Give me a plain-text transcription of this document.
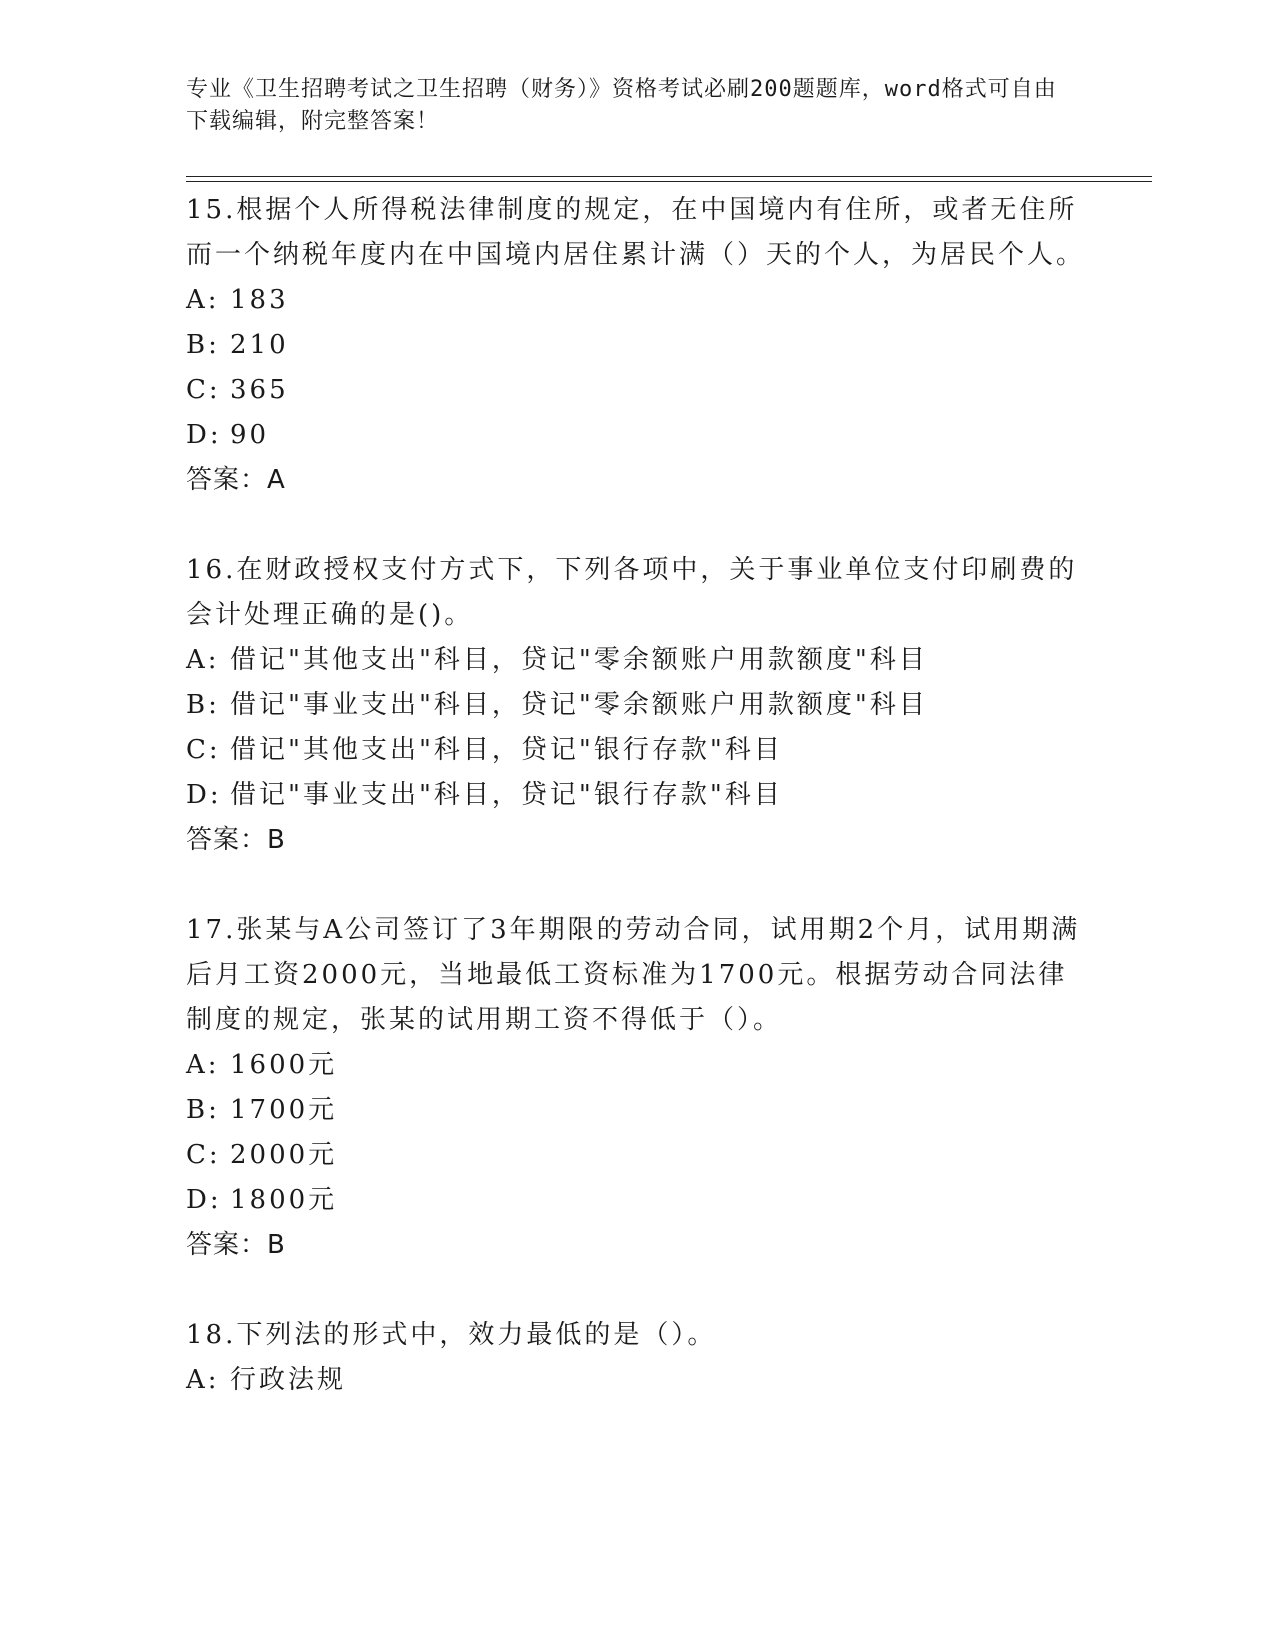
专业《卫生招聘考试之卫生招聘（财务）》资格考试必刷200题题库，word格式可自由下载编辑，附完整答案！
15.根据个人所得税法律制度的规定，在中国境内有住所，或者无住所而一个纳税年度内在中国境内居住累计满（）天的个人，为居民个人。
A: 183
B: 210
C: 365
D: 90
答案：A
16.在财政授权支付方式下，下列各项中，关于事业单位支付印刷费的会计处理正确的是()。
A: 借记"其他支出"科目，贷记"零余额账户用款额度"科目
B: 借记"事业支出"科目，贷记"零余额账户用款额度"科目
C: 借记"其他支出"科目，贷记"银行存款"科目
D: 借记"事业支出"科目，贷记"银行存款"科目
答案：B
17.张某与A公司签订了3年期限的劳动合同，试用期2个月，试用期满后月工资2000元，当地最低工资标准为1700元。根据劳动合同法律制度的规定，张某的试用期工资不得低于（）。
A: 1600元
B: 1700元
C: 2000元
D: 1800元
答案：B
18.下列法的形式中，效力最低的是（）。
A: 行政法规
